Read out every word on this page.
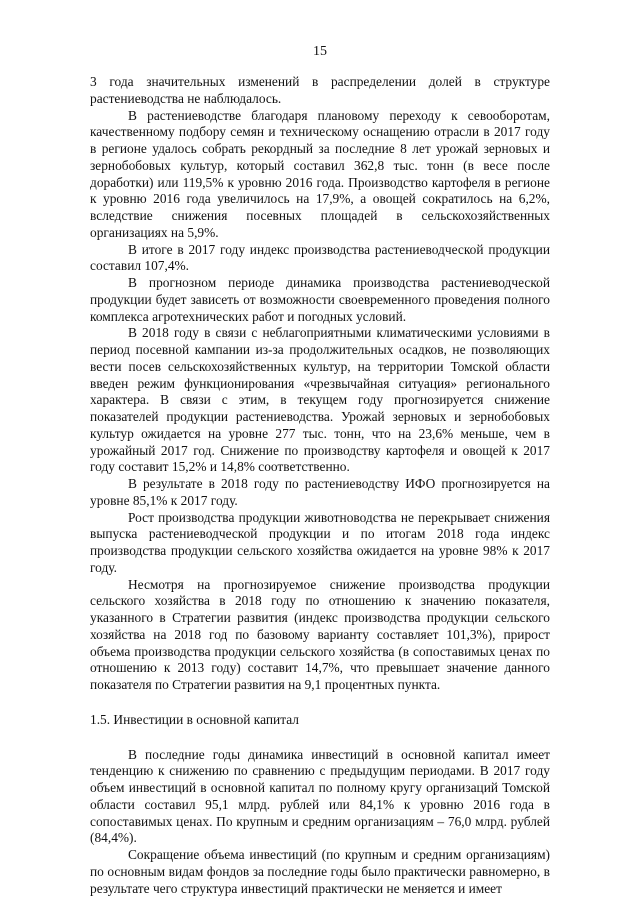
15

3 года значительных изменений в распределении долей в структуре растениеводства не наблюдалось.

В растениеводстве благодаря плановому переходу к севооборотам, качественному подбору семян и техническому оснащению отрасли в 2017 году в регионе удалось собрать рекордный за последние 8 лет урожай зерновых и зернобобовых культур, который составил 362,8 тыс. тонн (в весе после доработки) или 119,5% к уровню 2016 года. Производство картофеля в регионе к уровню 2016 года увеличилось на 17,9%, а овощей сократилось на 6,2%, вследствие снижения посевных площадей в сельскохозяйственных организациях на 5,9%.

В итоге в 2017 году индекс производства растениеводческой продукции составил 107,4%.

В прогнозном периоде динамика производства растениеводческой продукции будет зависеть от возможности своевременного проведения полного комплекса агротехнических работ и погодных условий.

В 2018 году в связи с неблагоприятными климатическими условиями в период посевной кампании из-за продолжительных осадков, не позволяющих вести посев сельскохозяйственных культур, на территории Томской области введен режим функционирования «чрезвычайная ситуация» регионального характера. В связи с этим, в текущем году прогнозируется снижение показателей продукции растениеводства. Урожай зерновых и зернобобовых культур ожидается на уровне 277 тыс. тонн, что на 23,6% меньше, чем в урожайный 2017 год. Снижение по производству картофеля и овощей к 2017 году составит 15,2% и 14,8% соответственно.

В результате в 2018 году по растениеводству ИФО прогнозируется на уровне 85,1% к 2017 году.

Рост производства продукции животноводства не перекрывает снижения выпуска растениеводческой продукции и по итогам 2018 года индекс производства продукции сельского хозяйства ожидается на уровне 98% к 2017 году.

Несмотря на прогнозируемое снижение производства продукции сельского хозяйства в 2018 году по отношению к значению показателя, указанного в Стратегии развития (индекс производства продукции сельского хозяйства на 2018 год по базовому варианту составляет 101,3%), прирост объема производства продукции сельского хозяйства (в сопоставимых ценах по отношению к 2013 году) составит 14,7%, что превышает значение данного показателя по Стратегии развития на 9,1 процентных пункта.

1.5. Инвестиции в основной капитал

В последние годы динамика инвестиций в основной капитал имеет тенденцию к снижению по сравнению с предыдущим периодами. В 2017 году объем инвестиций в основной капитал по полному кругу организаций Томской области составил 95,1 млрд. рублей или 84,1% к уровню 2016 года в сопоставимых ценах. По крупным и средним организациям – 76,0 млрд. рублей (84,4%).

Сокращение объема инвестиций (по крупным и средним организациям) по основным видам фондов за последние годы было практически равномерно, в результате чего структура инвестиций практически не меняется и имеет
